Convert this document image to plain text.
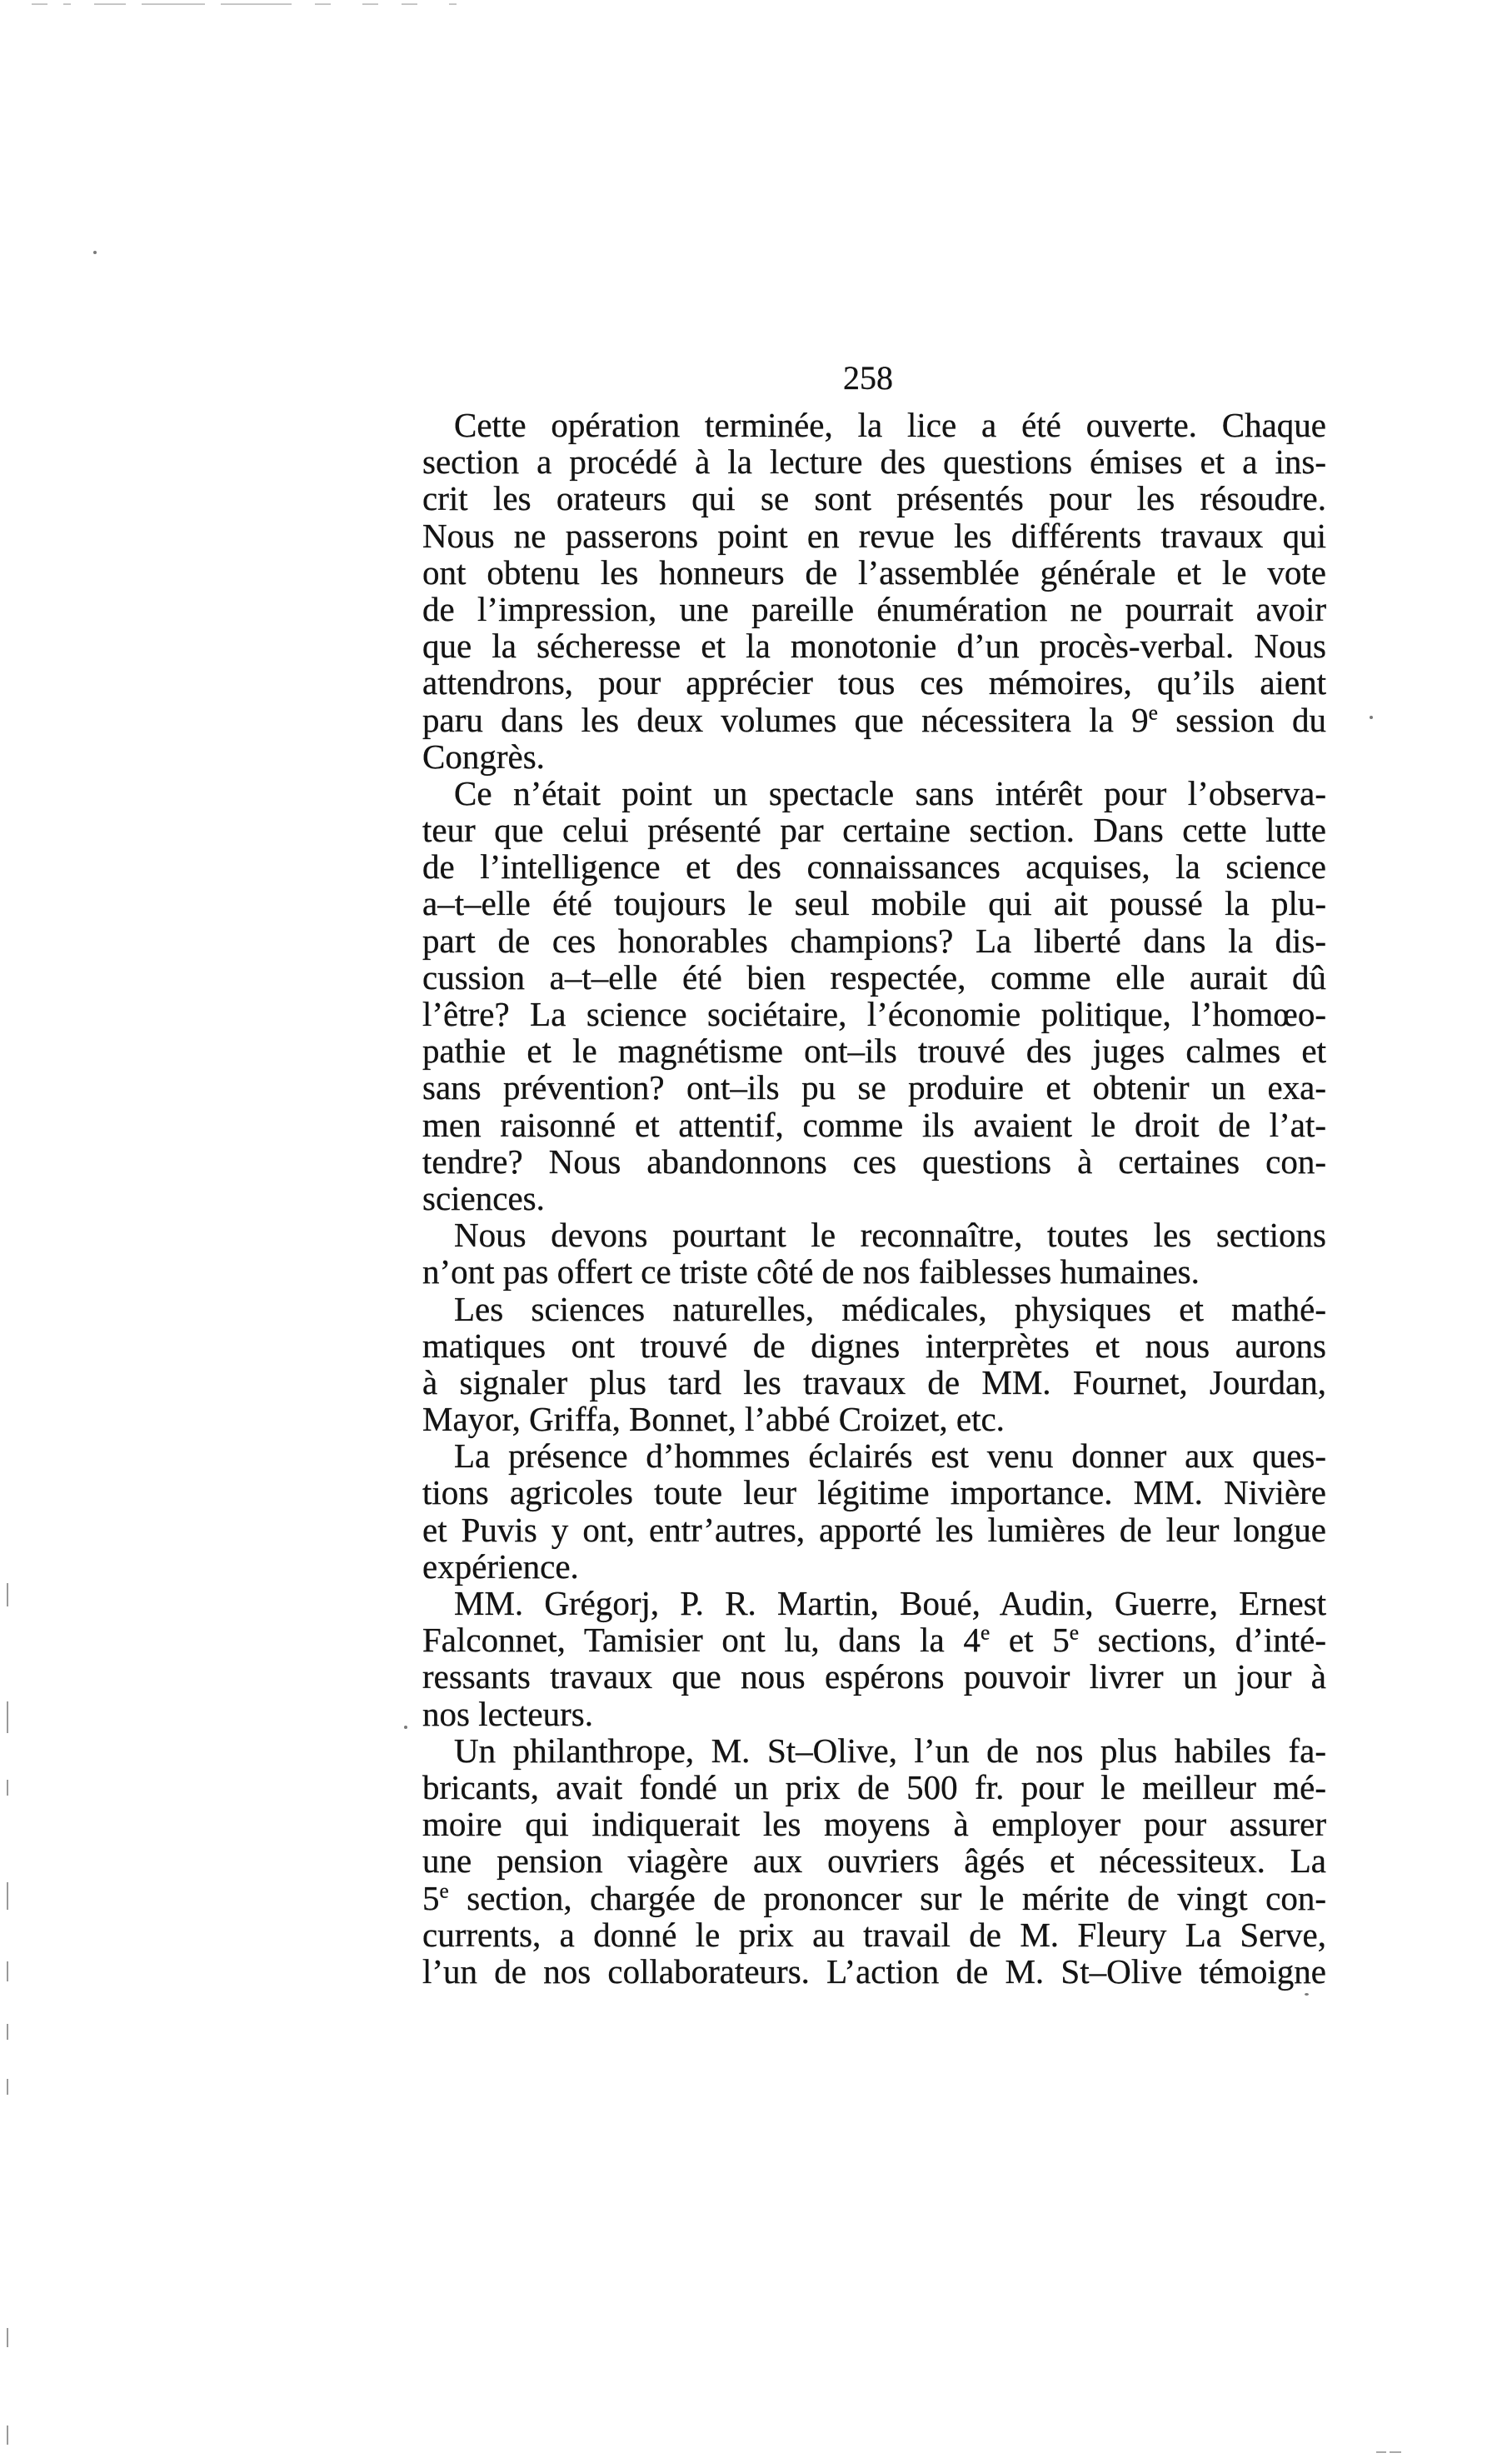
258
Cette opération terminée, la lice a été ouverte. Chaque
section a procédé à la lecture des questions émises et a ins-
crit les orateurs qui se sont présentés pour les résoudre.
Nous ne passerons point en revue les différents travaux qui
ont obtenu les honneurs de l’assemblée générale et le vote
de l’impression, une pareille énumération ne pourrait avoir
que la sécheresse et la monotonie d’un procès-verbal. Nous
attendrons, pour apprécier tous ces mémoires, qu’ils aient
paru dans les deux volumes que nécessitera la 9e session du
Congrès.
Ce n’était point un spectacle sans intérêt pour l’observa-
teur que celui présenté par certaine section. Dans cette lutte
de l’intelligence et des connaissances acquises, la science
a–t–elle été toujours le seul mobile qui ait poussé la plu-
part de ces honorables champions? La liberté dans la dis-
cussion a–t–elle été bien respectée, comme elle aurait dû
l’être? La science sociétaire, l’économie politique, l’homœo-
pathie et le magnétisme ont–ils trouvé des juges calmes et
sans prévention? ont–ils pu se produire et obtenir un exa-
men raisonné et attentif, comme ils avaient le droit de l’at-
tendre? Nous abandonnons ces questions à certaines con-
sciences.
Nous devons pourtant le reconnaître, toutes les sections
n’ont pas offert ce triste côté de nos faiblesses humaines.
Les sciences naturelles, médicales, physiques et mathé-
matiques ont trouvé de dignes interprètes et nous aurons
à signaler plus tard les travaux de MM. Fournet, Jourdan,
Mayor, Griffa, Bonnet, l’abbé Croizet, etc.
La présence d’hommes éclairés est venu donner aux ques-
tions agricoles toute leur légitime importance. MM. Nivière
et Puvis y ont, entr’autres, apporté les lumières de leur longue
expérience.
MM. Grégorj, P. R. Martin, Boué, Audin, Guerre, Ernest
Falconnet, Tamisier ont lu, dans la 4e et 5e sections, d’inté-
ressants travaux que nous espérons pouvoir livrer un jour à
nos lecteurs.
Un philanthrope, M. St–Olive, l’un de nos plus habiles fa-
bricants, avait fondé un prix de 500 fr. pour le meilleur mé-
moire qui indiquerait les moyens à employer pour assurer
une pension viagère aux ouvriers âgés et nécessiteux. La
5e section, chargée de prononcer sur le mérite de vingt con-
currents, a donné le prix au travail de M. Fleury La Serve,
l’un de nos collaborateurs. L’action de M. St–Olive témoigne
